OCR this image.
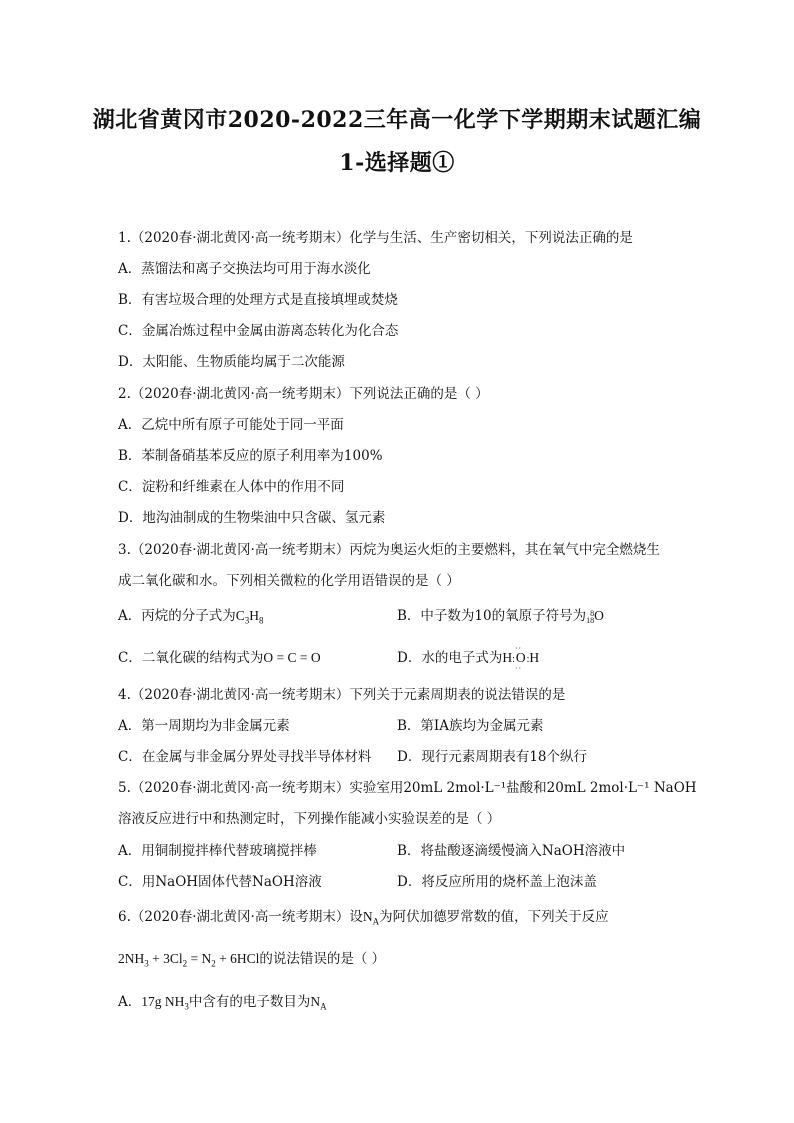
湖北省黄冈市2020-2022三年高一化学下学期期末试题汇编
1-选择题①
1.（2020春·湖北黄冈·高一统考期末）化学与生活、生产密切相关，下列说法正确的是
A．蒸馏法和离子交换法均可用于海水淡化
B．有害垃圾合理的处理方式是直接填埋或焚烧
C．金属冶炼过程中金属由游离态转化为化合态
D．太阳能、生物质能均属于二次能源
2.（2020春·湖北黄冈·高一统考期末）下列说法正确的是（ ）
A．乙烷中所有原子可能处于同一平面
B．苯制备硝基苯反应的原子利用率为100%
C．淀粉和纤维素在人体中的作用不同
D．地沟油制成的生物柴油中只含碳、氢元素
3.（2020春·湖北黄冈·高一统考期末）丙烷为奥运火炬的主要燃料，其在氧气中完全燃烧生
成二氧化碳和水。下列相关微粒的化学用语错误的是（ ）
A．丙烷的分子式为$C_3H_8$	B．中子数为10的氧原子符号为 8
18O
C．二氧化碳的结构式为O = C = O	D．水的电子式为H:O
··
··
:H
4.（2020春·湖北黄冈·高一统考期末）下列关于元素周期表的说法错误的是
A．第一周期均为非金属元素	B．第ⅠA族均为金属元素
C．在金属与非金属分界处寻找半导体材料 D．现行元素周期表有18个纵行
5.（2020春·湖北黄冈·高一统考期末）实验室用20mL 2mol·L⁻¹盐酸和20mL 2mol·L⁻¹ NaOH
溶液反应进行中和热测定时，下列操作能减小实验误差的是（ ）
A．用铜制搅拌棒代替玻璃搅拌棒	B．将盐酸逐滴缓慢滴入NaOH溶液中
C．用NaOH固体代替NaOH溶液	D．将反应所用的烧杯盖上泡沫盖
6.（2020春·湖北黄冈·高一统考期末）设$N_A$为阿伏加德罗常数的值，下列关于反应
$2NH_3 + 3Cl_2 = N_2 + 6HCl$的说法错误的是（ ）
A．17g $NH_3$中含有的电子数目为$N_A$
